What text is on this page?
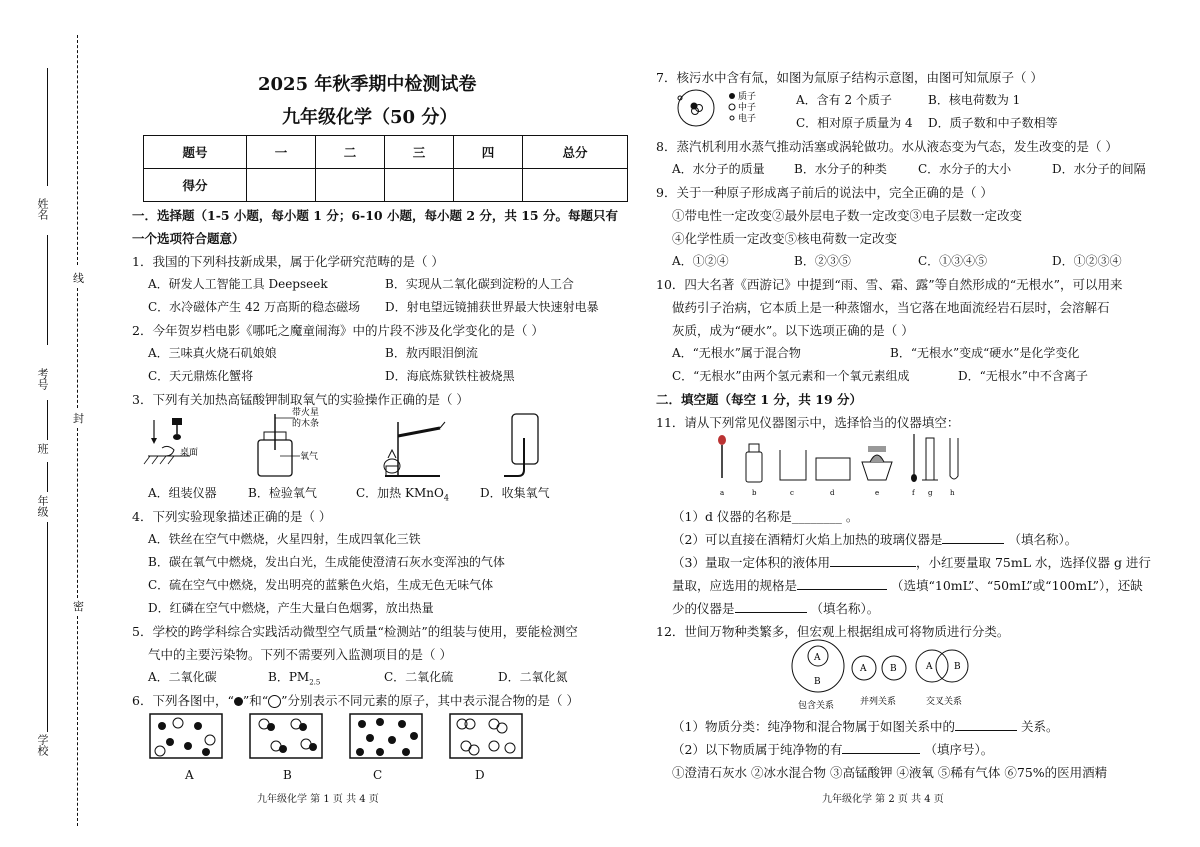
姓名
考号
班
年级
学校
线
封
密
2025 年秋季期中检测试卷
九年级化学（50 分）
题号	一	二	三	四	总分
得分					
一．选择题（1-5 小题，每小题 1 分；6-10 小题，每小题 2 分，共 15 分。每题只有
一个选项符合题意）
1．我国的下列科技新成果，属于化学研究范畴的是（ ）
A．研发人工智能工具 Deepseek	B．实现从二氧化碳到淀粉的人工合
C．水冷磁体产生 42 万高斯的稳态磁场 D．射电望远镜捕获世界最大快速射电暴
2．今年贺岁档电影《哪吒之魔童闹海》中的片段不涉及化学变化的是（ ）
A．三味真火烧石矶娘娘	B．敖丙眼泪倒流
C．天元鼎炼化蟹将	D．海底炼狱铁柱被烧黑
3．下列有关加热高锰酸钾制取氧气的实验操作正确的是（ ）
桌面
带火星
的木条
氧气
A．组装仪器	B．检验氧气	C．加热 KMnO$_4$	D．收集氧气
4．下列实验现象描述正确的是（ ）
A．铁丝在空气中燃烧，火星四射，生成四氧化三铁
B．碳在氧气中燃烧，发出白光，生成能使澄清石灰水变浑浊的气体
C．硫在空气中燃烧，发出明亮的蓝紫色火焰，生成无色无味气体
D．红磷在空气中燃烧，产生大量白色烟雾，放出热量
5．学校的跨学科综合实践活动微型空气质量“检测站”的组装与使用，要能检测空
气中的主要污染物。下列不需要列入监测项目的是（ ）
A．二氧化碳	B．$PM_{2.5}$	C．二氧化硫	D．二氧化氮
6．下列各图中，“ ”和“ ”分别表示不同元素的原子，其中表示混合物的是（ ）
A	B	C	D
九年级化学 第 1 页 共 4 页
7．核污水中含有氚，如图为氚原子结构示意图，由图可知氚原子（ ）
质子
中子
电子
A．含有 2 个质子	B．核电荷数为 1
C．相对原子质量为 4 D．质子数和中子数相等
8．蒸汽机利用水蒸气推动活塞或涡轮做功。水从液态变为气态，发生改变的是（ ）
A．水分子的质量 B．水分子的种类	C．水分子的大小	D．水分子的间隔
9．关于一种原子形成离子前后的说法中，完全正确的是（ ）
①带电性一定改变②最外层电子数一定改变③电子层数一定改变
④化学性质一定改变⑤核电荷数一定改变
A．①②④	B．②③⑤	C．①③④⑤	D．①②③④
10．四大名著《西游记》中提到“雨、雪、霜、露”等自然形成的“无根水”，可以用来
做药引子治病，它本质上是一种蒸馏水，当它落在地面流经岩石层时，会溶解石
灰质，成为“硬水”。以下选项正确的是（ ）
A．“无根水”属于混合物	B．“无根水”变成“硬水”是化学变化
C．“无根水”由两个氢元素和一个氧元素组成	D．“无根水”中不含离子
二．填空题（每空 1 分，共 19 分）
11．请从下列常见仪器图示中，选择恰当的仪器填空：
a	b	c	d	e	f g	h
（1）d 仪器的名称是________ 。
（2）可以直接在酒精灯火焰上加热的玻璃仪器是	（填名称）。
（3）量取一定体积的液体用	，小红要量取 75mL 水，选择仪器 g 进行
量取，应选用的规格是	（选填“10mL”、“50mL”或“100mL”），还缺
少的仪器是	（填名称）。
12．世间万物种类繁多，但宏观上根据组成可将物质进行分类。
A
B
A	B	A B
包含关系	并列关系	交叉关系
（1）物质分类：纯净物和混合物属于如图关系中的	关系。
（2）以下物质属于纯净物的有	（填序号）。
①澄清石灰水 ②冰水混合物 ③高锰酸钾 ④液氧 ⑤稀有气体 ⑥75%的医用酒精
九年级化学 第 2 页 共 4 页
